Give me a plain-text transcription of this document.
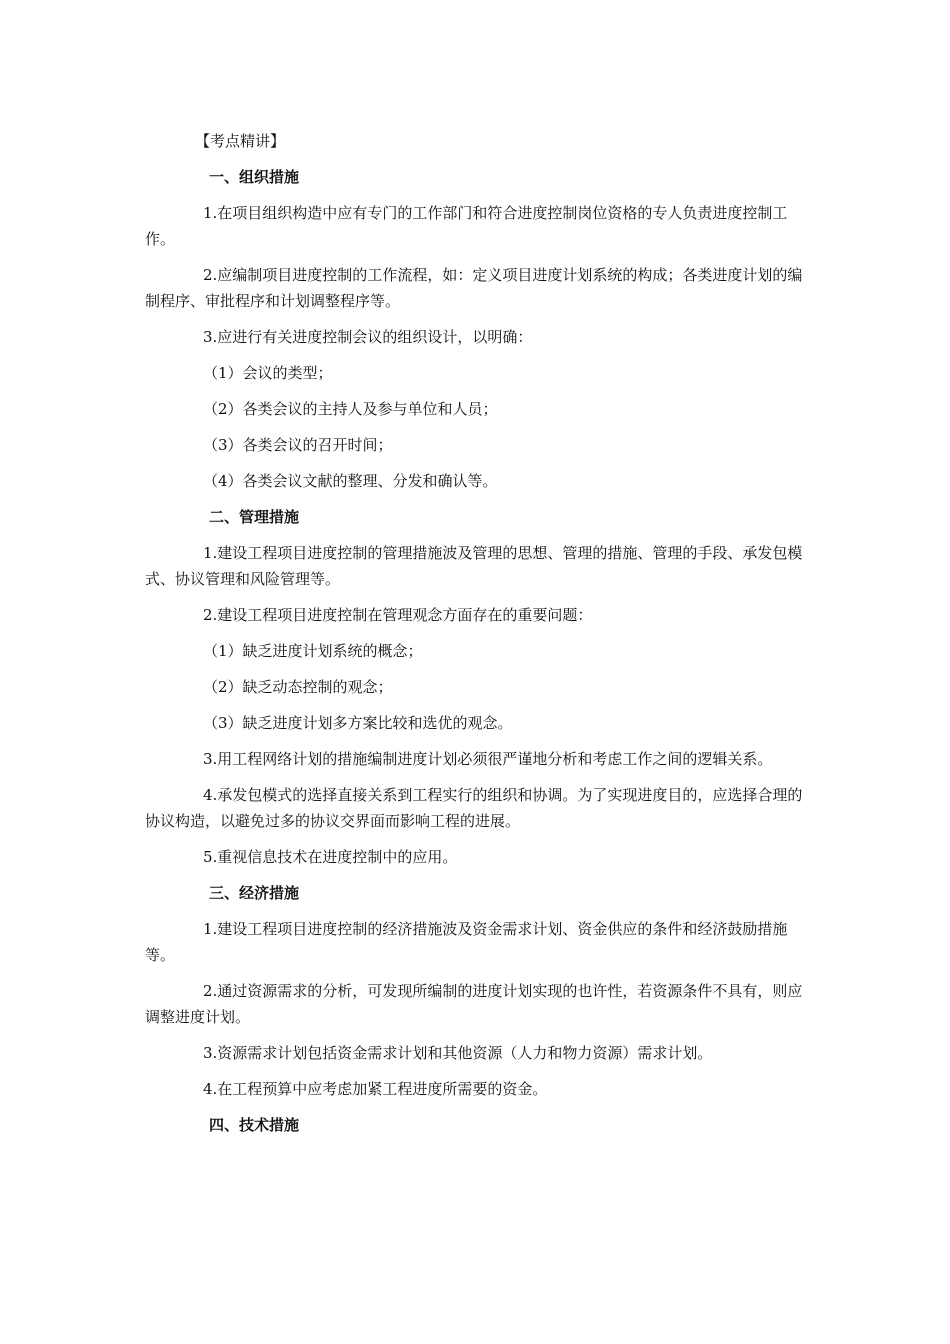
【考点精讲】

一、组织措施

1.在项目组织构造中应有专门的工作部门和符合进度控制岗位资格的专人负责进度控制工作。

2.应编制项目进度控制的工作流程，如：定义项目进度计划系统的构成；各类进度计划的编制程序、审批程序和计划调整程序等。

3.应进行有关进度控制会议的组织设计，以明确：

（1）会议的类型；

（2）各类会议的主持人及参与单位和人员；

（3）各类会议的召开时间；

（4）各类会议文献的整理、分发和确认等。

二、管理措施

1.建设工程项目进度控制的管理措施波及管理的思想、管理的措施、管理的手段、承发包模式、协议管理和风险管理等。

2.建设工程项目进度控制在管理观念方面存在的重要问题：

（1）缺乏进度计划系统的概念；

（2）缺乏动态控制的观念；

（3）缺乏进度计划多方案比较和选优的观念。

3.用工程网络计划的措施编制进度计划必须很严谨地分析和考虑工作之间的逻辑关系。

4.承发包模式的选择直接关系到工程实行的组织和协调。为了实现进度目的，应选择合理的协议构造，以避免过多的协议交界面而影响工程的进展。

5.重视信息技术在进度控制中的应用。

三、经济措施

1.建设工程项目进度控制的经济措施波及资金需求计划、资金供应的条件和经济鼓励措施等。

2.通过资源需求的分析，可发现所编制的进度计划实现的也许性，若资源条件不具有，则应调整进度计划。

3.资源需求计划包括资金需求计划和其他资源（人力和物力资源）需求计划。

4.在工程预算中应考虑加紧工程进度所需要的资金。

四、技术措施
